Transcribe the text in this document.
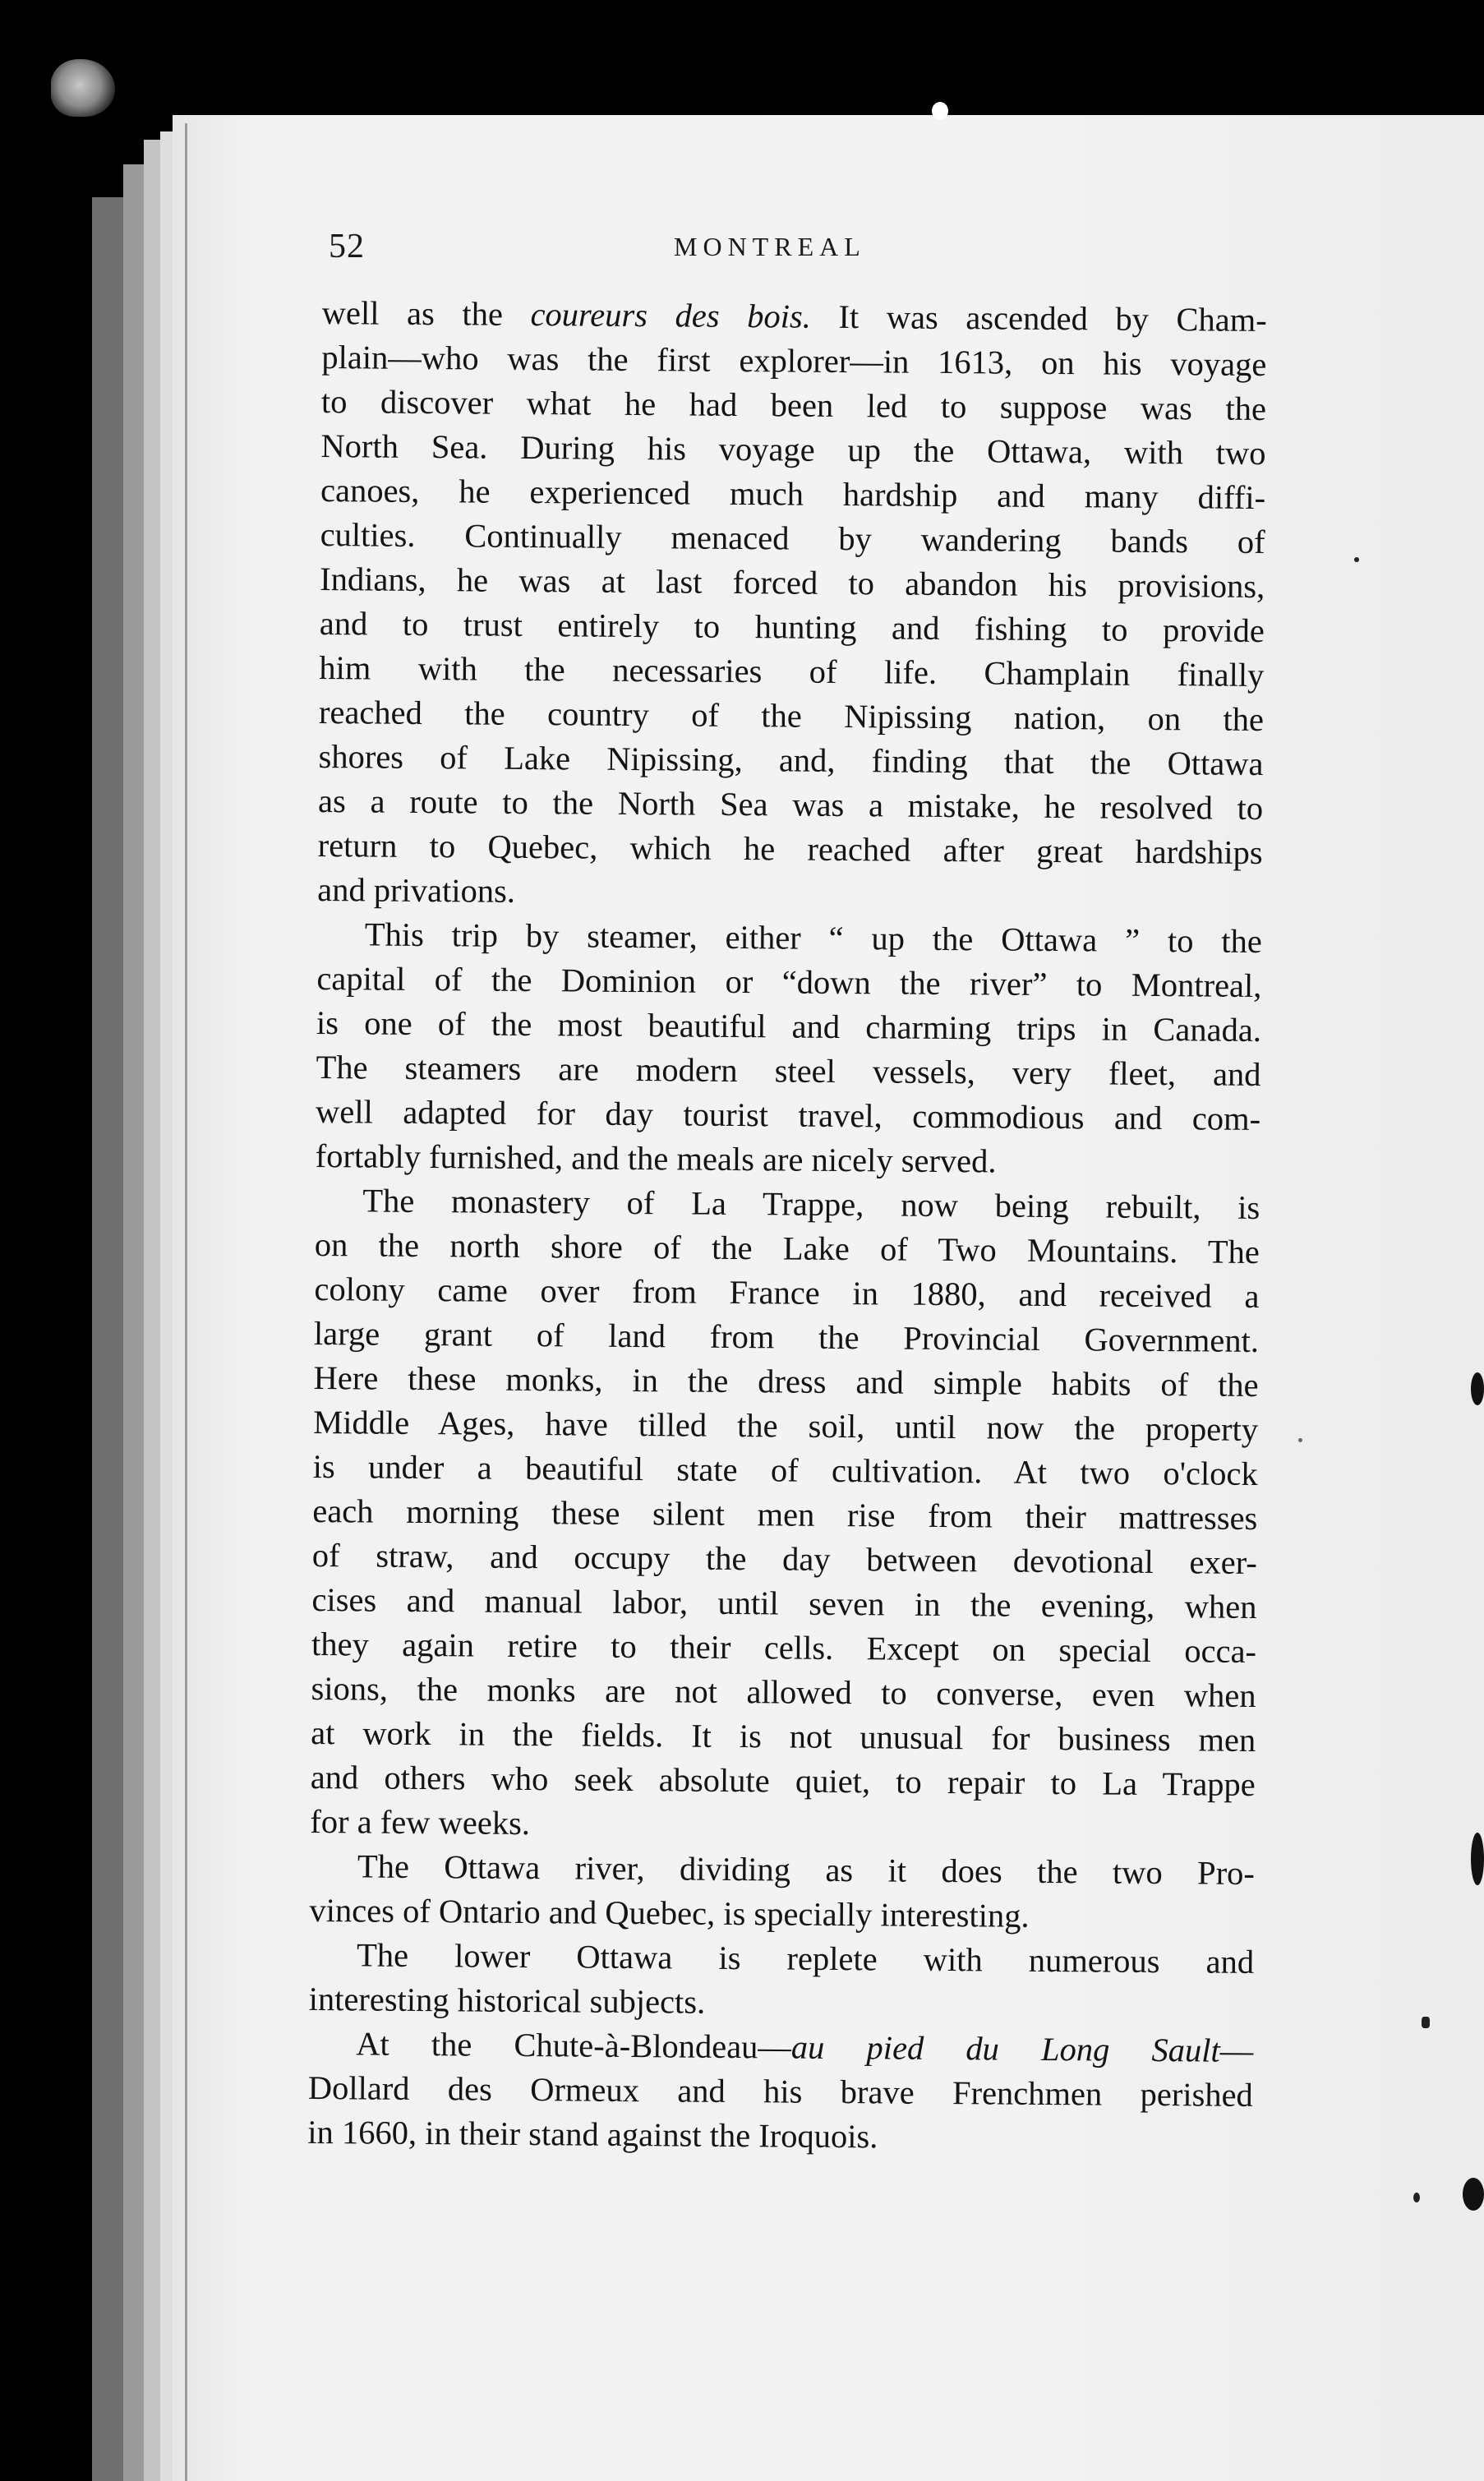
52	MONTREAL

well as the coureurs des bois. It was ascended by Cham-
plain—who was the first explorer—in 1613, on his voyage
to discover what he had been led to suppose was the
North Sea. During his voyage up the Ottawa, with two
canoes, he experienced much hardship and many diffi-
culties. Continually menaced by wandering bands of
Indians, he was at last forced to abandon his provisions,
and to trust entirely to hunting and fishing to provide
him with the necessaries of life. Champlain finally
reached the country of the Nipissing nation, on the
shores of Lake Nipissing, and, finding that the Ottawa
as a route to the North Sea was a mistake, he resolved to
return to Quebec, which he reached after great hardships
and privations.

This trip by steamer, either “ up the Ottawa ” to the
capital of the Dominion or “down the river” to Montreal,
is one of the most beautiful and charming trips in Canada.
The steamers are modern steel vessels, very fleet, and
well adapted for day tourist travel, commodious and com-
fortably furnished, and the meals are nicely served.

The monastery of La Trappe, now being rebuilt, is
on the north shore of the Lake of Two Mountains. The
colony came over from France in 1880, and received a
large grant of land from the Provincial Government.
Here these monks, in the dress and simple habits of the
Middle Ages, have tilled the soil, until now the property
is under a beautiful state of cultivation. At two o'clock
each morning these silent men rise from their mattresses
of straw, and occupy the day between devotional exer-
cises and manual labor, until seven in the evening, when
they again retire to their cells. Except on special occa-
sions, the monks are not allowed to converse, even when
at work in the fields. It is not unusual for business men
and others who seek absolute quiet, to repair to La Trappe
for a few weeks.

The Ottawa river, dividing as it does the two Pro-
vinces of Ontario and Quebec, is specially interesting.

The lower Ottawa is replete with numerous and
interesting historical subjects.

At the Chute-à-Blondeau—au pied du Long Sault—
Dollard des Ormeux and his brave Frenchmen perished
in 1660, in their stand against the Iroquois.
